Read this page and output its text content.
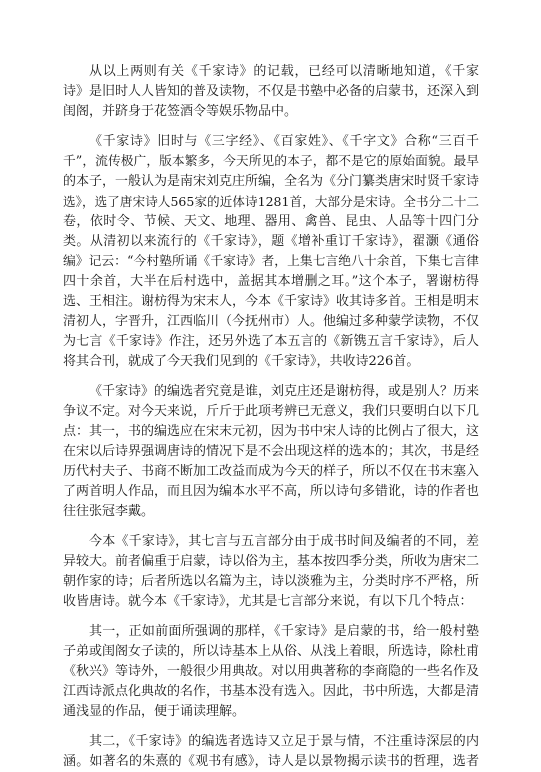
从以上两则有关《千家诗》的记载，已经可以清晰地知道，《千家
诗》是旧时人人皆知的普及读物，不仅是书塾中必备的启蒙书，还深入到
闺阁，并跻身于花签酒令等娱乐物品中。
《千家诗》旧时与《三字经》、《百家姓》、《千字文》合称“三百千
千”，流传极广，版本繁多，今天所见的本子，都不是它的原始面貌。最早
的本子，一般认为是南宋刘克庄所编，全名为《分门纂类唐宋时贤千家诗
选》，选了唐宋诗人565家的近体诗1281首，大部分是宋诗。全书分二十二
卷，依时令、节候、天文、地理、器用、禽兽、昆虫、人品等十四门分
类。从清初以来流行的《千家诗》，题《增补重订千家诗》，翟灏《通俗
编》记云：“今村塾所诵《千家诗》者，上集七言绝八十余首，下集七言律
四十余首，大半在后村选中，盖据其本增删之耳。”这个本子，署谢枋得
选、王相注。谢枋得为宋末人，今本《千家诗》收其诗多首。王相是明末
清初人，字晋升，江西临川（今抚州市）人。他编过多种蒙学读物，不仅
为七言《千家诗》作注，还另外选了本五言的《新镌五言千家诗》，后人
将其合刊，就成了今天我们见到的《千家诗》，共收诗226首。
《千家诗》的编选者究竟是谁，刘克庄还是谢枋得，或是别人？历来
争议不定。对今天来说，斤斤于此项考辨已无意义，我们只要明白以下几
点：其一，书的编选应在宋末元初，因为书中宋人诗的比例占了很大，这
在宋以后诗界强调唐诗的情况下是不会出现这样的选本的；其次，书是经
历代村夫子、书商不断加工改益而成为今天的样子，所以不仅在书末塞入
了两首明人作品，而且因为编本水平不高，所以诗句多错讹，诗的作者也
往往张冠李戴。
今本《千家诗》，其七言与五言部分由于成书时间及编者的不同，差
异较大。前者偏重于启蒙，诗以俗为主，基本按四季分类，所收为唐宋二
朝作家的诗；后者所选以名篇为主，诗以淡雅为主，分类时序不严格，所
收皆唐诗。就今本《千家诗》，尤其是七言部分来说，有以下几个特点：
其一，正如前面所强调的那样，《千家诗》是启蒙的书，给一般村塾
子弟或闺阁女子读的，所以诗基本上从俗、从浅上着眼，所选诗，除杜甫
《秋兴》等诗外，一般很少用典故。对以用典著称的李商隐的一些名作及
江西诗派点化典故的名作，书基本没有选入。因此，书中所选，大都是清
通浅显的作品，便于诵读理解。
其二，《千家诗》的编选者选诗又立足于景与情，不注重诗深层的内
涵。如著名的朱熹的《观书有感》，诗人是以景物揭示读书的哲理，选者
